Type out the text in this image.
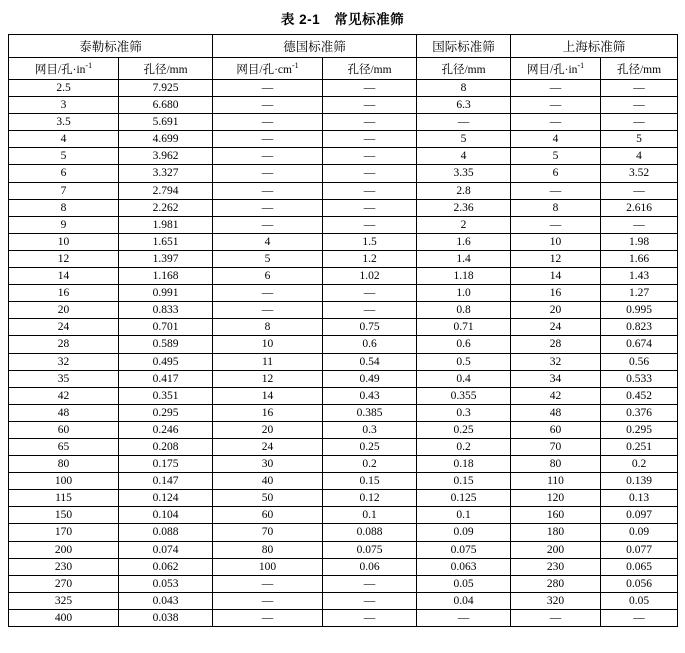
表 2-1　常见标准筛
泰勒标准筛		德国标准筛		国际标准筛	上海标准筛	
网目/孔$\cdot in^{-1}$	孔径/mm	网目/孔$\cdot cm^{-1}$	孔径/mm	孔径/mm	网目/孔$\cdot in^{-1}$	孔径/mm
2.5	7.925	—	—	8	—	—
3	6.680	—	—	6.3	—	—
3.5	5.691	—	—	—	—	—
4	4.699	—	—	5	4	5
5	3.962	—	—	4	5	4
6	3.327	—	—	3.35	6	3.52
7	2.794	—	—	2.8	—	—
8	2.262	—	—	2.36	8	2.616
9	1.981	—	—	2	—	—
10	1.651	4	1.5	1.6	10	1.98
12	1.397	5	1.2	1.4	12	1.66
14	1.168	6	1.02	1.18	14	1.43
16	0.991	—	—	1.0	16	1.27
20	0.833	—	—	0.8	20	0.995
24	0.701	8	0.75	0.71	24	0.823
28	0.589	10	0.6	0.6	28	0.674
32	0.495	11	0.54	0.5	32	0.56
35	0.417	12	0.49	0.4	34	0.533
42	0.351	14	0.43	0.355	42	0.452
48	0.295	16	0.385	0.3	48	0.376
60	0.246	20	0.3	0.25	60	0.295
65	0.208	24	0.25	0.2	70	0.251
80	0.175	30	0.2	0.18	80	0.2
100	0.147	40	0.15	0.15	110	0.139
115	0.124	50	0.12	0.125	120	0.13
150	0.104	60	0.1	0.1	160	0.097
170	0.088	70	0.088	0.09	180	0.09
200	0.074	80	0.075	0.075	200	0.077
230	0.062	100	0.06	0.063	230	0.065
270	0.053	—	—	0.05	280	0.056
325	0.043	—	—	0.04	320	0.05
400	0.038	—	—	—	—	—
